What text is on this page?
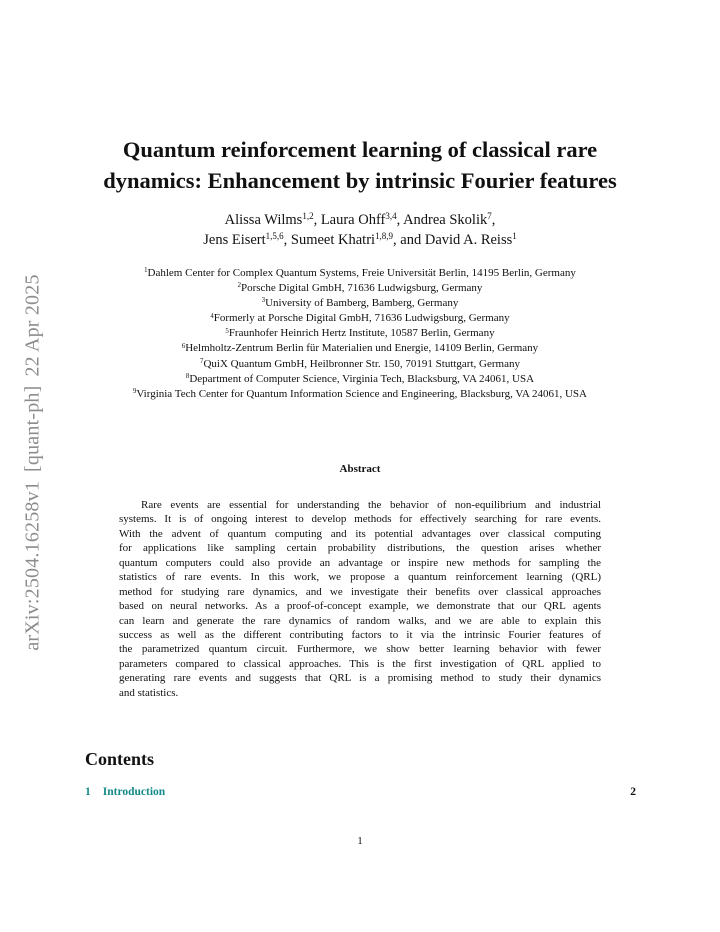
arXiv:2504.16258v1[quant-ph]22 Apr 2025
Quantum reinforcement learning of classical rare
dynamics: Enhancement by intrinsic Fourier features
Alissa Wilms$^{1,2}$, Laura Ohff$^{3,4}$, Andrea Skolik$^7$,
Jens Eisert$^{1,5,6}$, Sumeet Khatri$^{1,8,9}$, and David A. Reiss$^1$
$^1$Dahlem Center for Complex Quantum Systems, Freie Universität Berlin, 14195 Berlin, Germany
$^2$Porsche Digital GmbH, 71636 Ludwigsburg, Germany
$^3$University of Bamberg, Bamberg, Germany
$^4$Formerly at Porsche Digital GmbH, 71636 Ludwigsburg, Germany
$^5$Fraunhofer Heinrich Hertz Institute, 10587 Berlin, Germany
$^6$Helmholtz-Zentrum Berlin für Materialien und Energie, 14109 Berlin, Germany
$^7$QuiX Quantum GmbH, Heilbronner Str. 150, 70191 Stuttgart, Germany
$^8$Department of Computer Science, Virginia Tech, Blacksburg, VA 24061, USA
$^9$Virginia Tech Center for Quantum Information Science and Engineering, Blacksburg, VA 24061, USA
Abstract
Rare events are essential for understanding the behavior of non-equilibrium and industrial
systems. It is of ongoing interest to develop methods for effectively searching for rare events.
With the advent of quantum computing and its potential advantages over classical computing
for applications like sampling certain probability distributions, the question arises whether
quantum computers could also provide an advantage or inspire new methods for sampling the
statistics of rare events. In this work, we propose a quantum reinforcement learning (QRL)
method for studying rare dynamics, and we investigate their benefits over classical approaches
based on neural networks. As a proof-of-concept example, we demonstrate that our QRL agents
can learn and generate the rare dynamics of random walks, and we are able to explain this
success as well as the different contributing factors to it via the intrinsic Fourier features of
the parametrized quantum circuit. Furthermore, we show better learning behavior with fewer
parameters compared to classical approaches. This is the first investigation of QRL applied to
generating rare events and suggests that QRL is a promising method to study their dynamics
and statistics.
Contents
1 Introduction	2
1
